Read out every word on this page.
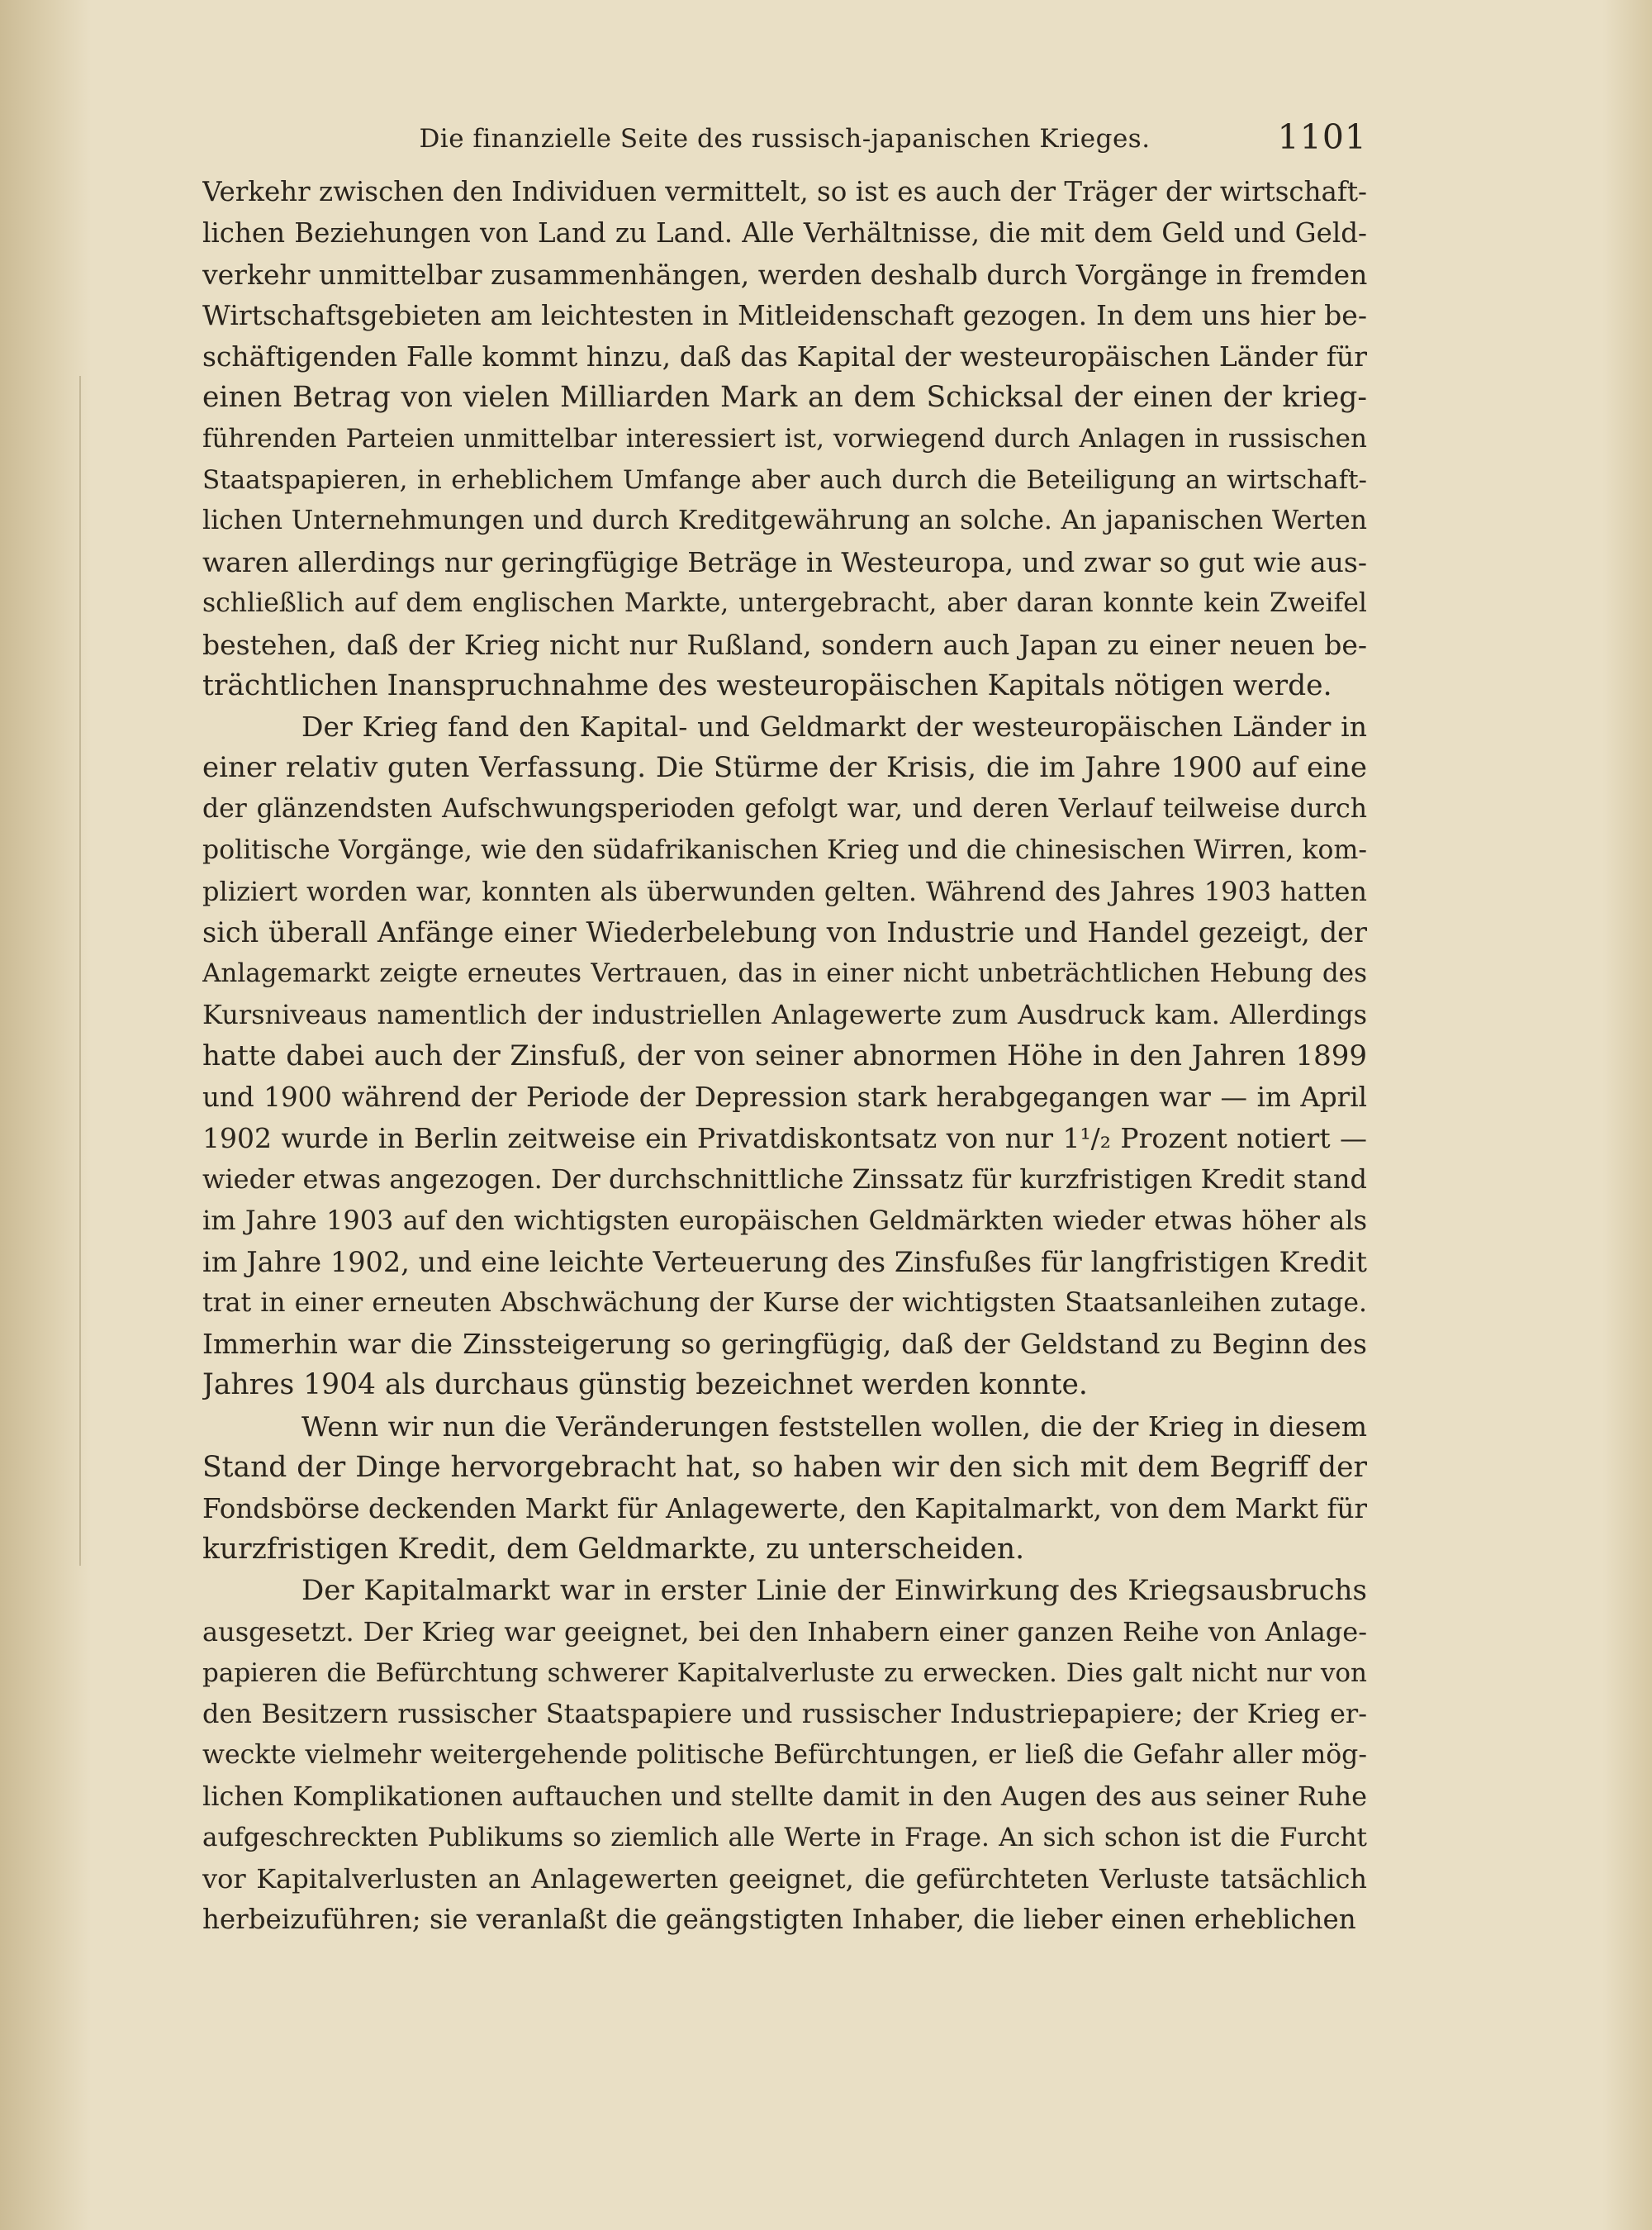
Die finanzielle Seite des russisch-japanischen Krieges.	1101

Verkehr zwischen den Individuen vermittelt, so ist es auch der Träger der wirtschaft-
lichen Beziehungen von Land zu Land. Alle Verhältnisse, die mit dem Geld und Geld-
verkehr unmittelbar zusammenhängen, werden deshalb durch Vorgänge in fremden
Wirtschaftsgebieten am leichtesten in Mitleidenschaft gezogen. In dem uns hier be-
schäftigenden Falle kommt hinzu, daß das Kapital der westeuropäischen Länder für
einen Betrag von vielen Milliarden Mark an dem Schicksal der einen der krieg-
führenden Parteien unmittelbar interessiert ist, vorwiegend durch Anlagen in russischen
Staatspapieren, in erheblichem Umfange aber auch durch die Beteiligung an wirtschaft-
lichen Unternehmungen und durch Kreditgewährung an solche. An japanischen Werten
waren allerdings nur geringfügige Beträge in Westeuropa, und zwar so gut wie aus-
schließlich auf dem englischen Markte, untergebracht, aber daran konnte kein Zweifel
bestehen, daß der Krieg nicht nur Rußland, sondern auch Japan zu einer neuen be-
trächtlichen Inanspruchnahme des westeuropäischen Kapitals nötigen werde.

Der Krieg fand den Kapital- und Geldmarkt der westeuropäischen Länder in
einer relativ guten Verfassung. Die Stürme der Krisis, die im Jahre 1900 auf eine
der glänzendsten Aufschwungsperioden gefolgt war, und deren Verlauf teilweise durch
politische Vorgänge, wie den südafrikanischen Krieg und die chinesischen Wirren, kom-
pliziert worden war, konnten als überwunden gelten. Während des Jahres 1903 hatten
sich überall Anfänge einer Wiederbelebung von Industrie und Handel gezeigt, der
Anlagemarkt zeigte erneutes Vertrauen, das in einer nicht unbeträchtlichen Hebung des
Kursniveaus namentlich der industriellen Anlagewerte zum Ausdruck kam. Allerdings
hatte dabei auch der Zinsfuß, der von seiner abnormen Höhe in den Jahren 1899
und 1900 während der Periode der Depression stark herabgegangen war — im April
1902 wurde in Berlin zeitweise ein Privatdiskontsatz von nur 1¹/₂ Prozent notiert —
wieder etwas angezogen. Der durchschnittliche Zinssatz für kurzfristigen Kredit stand
im Jahre 1903 auf den wichtigsten europäischen Geldmärkten wieder etwas höher als
im Jahre 1902, und eine leichte Verteuerung des Zinsfußes für langfristigen Kredit
trat in einer erneuten Abschwächung der Kurse der wichtigsten Staatsanleihen zutage.
Immerhin war die Zinssteigerung so geringfügig, daß der Geldstand zu Beginn des
Jahres 1904 als durchaus günstig bezeichnet werden konnte.

Wenn wir nun die Veränderungen feststellen wollen, die der Krieg in diesem
Stand der Dinge hervorgebracht hat, so haben wir den sich mit dem Begriff der
Fondsbörse deckenden Markt für Anlagewerte, den Kapitalmarkt, von dem Markt für
kurzfristigen Kredit, dem Geldmarkte, zu unterscheiden.

Der Kapitalmarkt war in erster Linie der Einwirkung des Kriegsausbruchs
ausgesetzt. Der Krieg war geeignet, bei den Inhabern einer ganzen Reihe von Anlage-
papieren die Befürchtung schwerer Kapitalverluste zu erwecken. Dies galt nicht nur von
den Besitzern russischer Staatspapiere und russischer Industriepapiere; der Krieg er-
weckte vielmehr weitergehende politische Befürchtungen, er ließ die Gefahr aller mög-
lichen Komplikationen auftauchen und stellte damit in den Augen des aus seiner Ruhe
aufgeschreckten Publikums so ziemlich alle Werte in Frage. An sich schon ist die Furcht
vor Kapitalverlusten an Anlagewerten geeignet, die gefürchteten Verluste tatsächlich
herbeizuführen; sie veranlaßt die geängstigten Inhaber, die lieber einen erheblichen
